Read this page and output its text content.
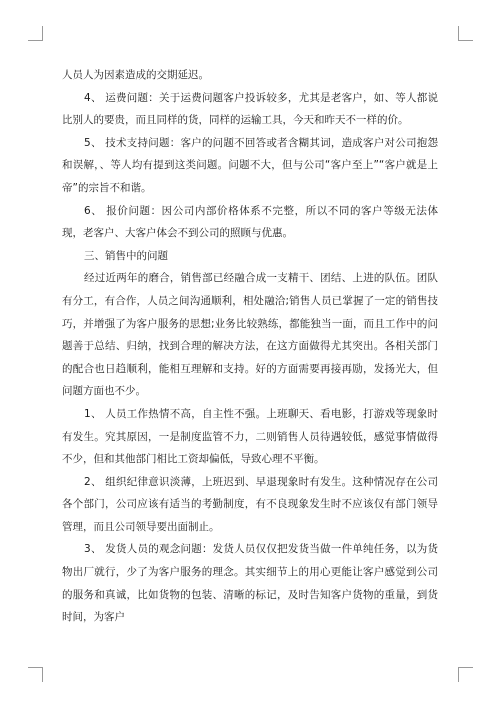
人员人为因素造成的交期延迟。

4、 运费问题：关于运费问题客户投诉较多，尤其是老客户，如、等人都说比别人的要贵，而且同样的货，同样的运输工具，今天和昨天不一样的价。

5、 技术支持问题：客户的问题不回答或者含糊其词，造成客户对公司抱怨和误解，、等人均有提到这类问题。问题不大，但与公司“客户至上”“客户就是上帝”的宗旨不和谐。

6、 报价问题：因公司内部价格体系不完整，所以不同的客户等级无法体现，老客户、大客户体会不到公司的照顾与优惠。

三、销售中的问题

经过近两年的磨合，销售部已经融合成一支精干、团结、上进的队伍。团队有分工，有合作，人员之间沟通顺利，相处融洽;销售人员已掌握了一定的销售技巧，并增强了为客户服务的思想;业务比较熟练，都能独当一面，而且工作中的问题善于总结、归纳，找到合理的解决方法，在这方面做得尤其突出。各相关部门的配合也日趋顺利，能相互理解和支持。好的方面需要再接再励，发扬光大，但问题方面也不少。

1、 人员工作热情不高，自主性不强。上班聊天、看电影，打游戏等现象时有发生。究其原因，一是制度监管不力，二则销售人员待遇较低，感觉事情做得不少，但和其他部门相比工资却偏低，导致心理不平衡。

2、 组织纪律意识淡薄，上班迟到、早退现象时有发生。这种情况存在公司各个部门，公司应该有适当的考勤制度，有不良现象发生时不应该仅有部门领导管理，而且公司领导要出面制止。

3、 发货人员的观念问题：发货人员仅仅把发货当做一件单纯任务，以为货物出厂就行，少了为客户服务的理念。其实细节上的用心更能让客户感觉到公司的服务和真诚，比如货物的包装、清晰的标记，及时告知客户货物的重量，到货时间，为客户
